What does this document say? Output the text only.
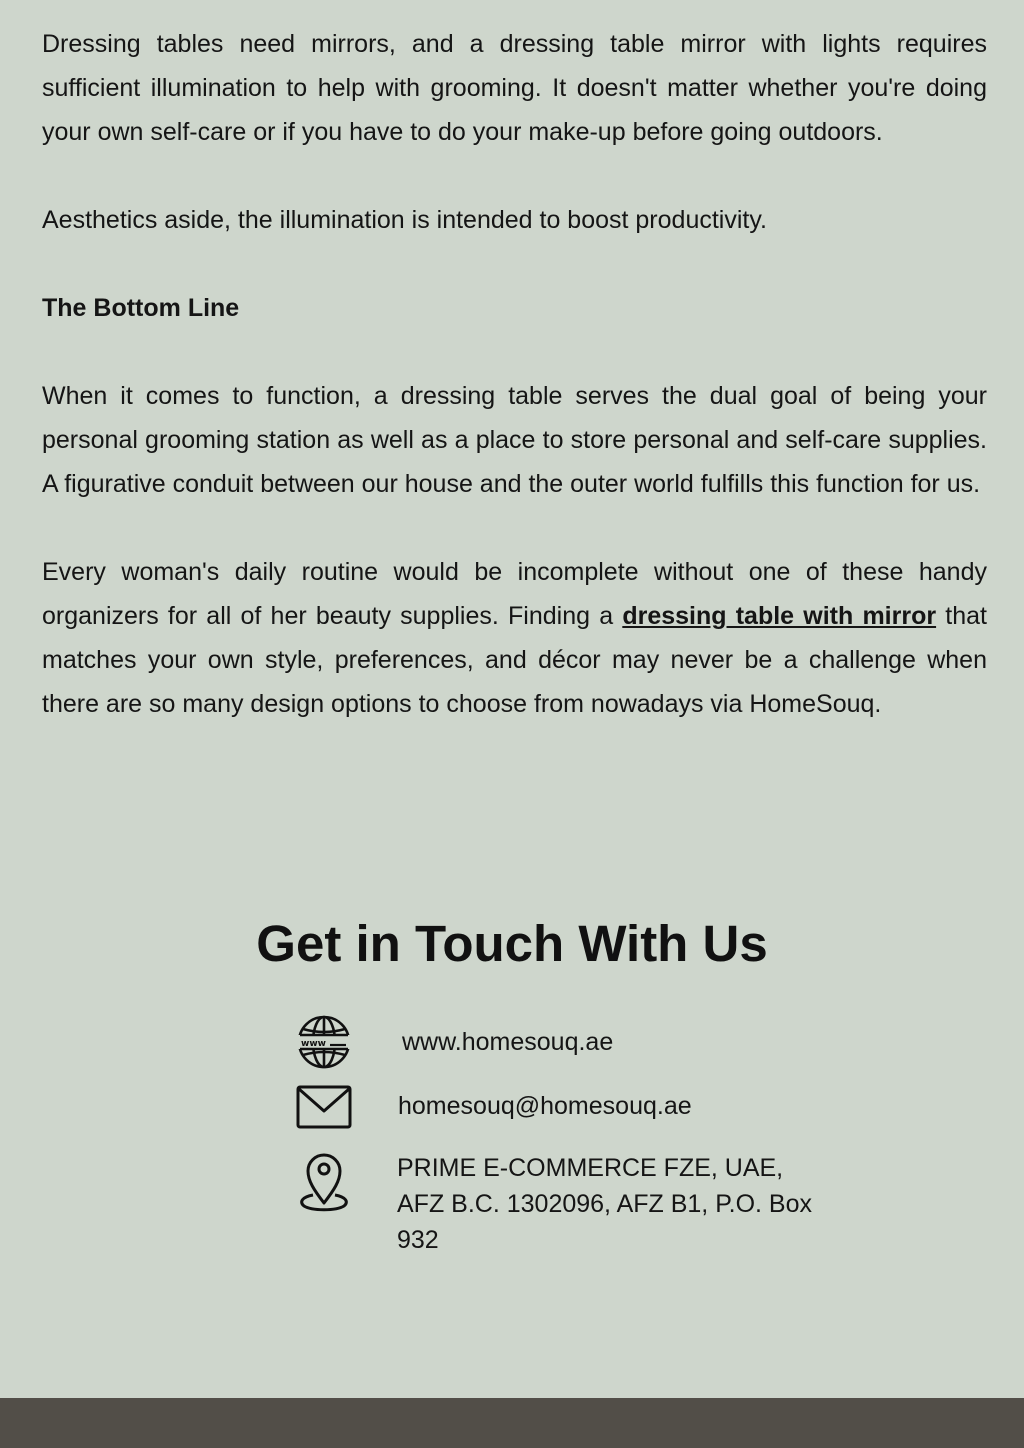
Dressing tables need mirrors, and a dressing table mirror with lights requires sufficient illumination to help with grooming. It doesn't matter whether you're doing your own self-care or if you have to do your make-up before going outdoors.

Aesthetics aside, the illumination is intended to boost productivity.

The Bottom Line

When it comes to function, a dressing table serves the dual goal of being your personal grooming station as well as a place to store personal and self-care supplies. A figurative conduit between our house and the outer world fulfills this function for us.

Every woman's daily routine would be incomplete without one of these handy organizers for all of her beauty supplies. Finding a dressing table with mirror that matches your own style, preferences, and décor may never be a challenge when there are so many design options to choose from nowadays via HomeSouq.

Get in Touch With Us
www	www.homesouq.ae
homesouq@homesouq.ae
PRIME E-COMMERCE FZE, UAE,
AFZ B.C. 1302096, AFZ B1, P.O. Box
932
